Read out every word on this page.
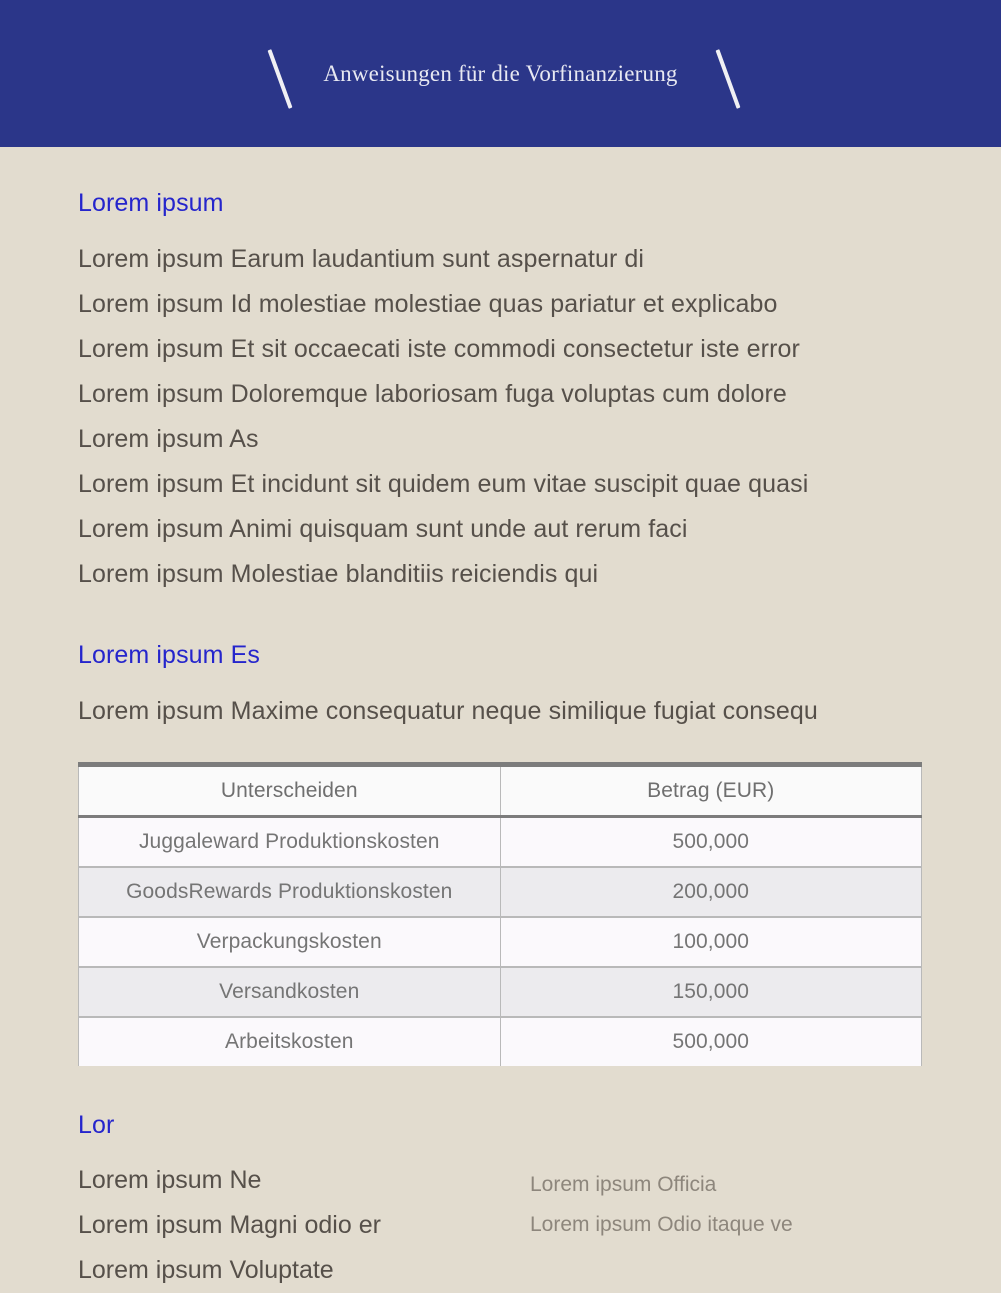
Anweisungen für die Vorfinanzierung
Lorem ipsum
Lorem ipsum Earum laudantium sunt aspernatur di
Lorem ipsum Id molestiae molestiae quas pariatur et explicabo
Lorem ipsum Et sit occaecati iste commodi consectetur iste error
Lorem ipsum Doloremque laboriosam fuga voluptas cum dolore
Lorem ipsum As
Lorem ipsum Et incidunt sit quidem eum vitae suscipit quae quasi
Lorem ipsum Animi quisquam sunt unde aut rerum faci
Lorem ipsum Molestiae blanditiis reiciendis qui
Lorem ipsum Es
Lorem ipsum Maxime consequatur neque similique fugiat consequ
Unterscheiden	Betrag (EUR)
Juggaleward Produktionskosten	500,000
GoodsRewards Produktionskosten	200,000
Verpackungskosten	100,000
Versandkosten	150,000
Arbeitskosten	500,000
Lor
Lorem ipsum Ne
Lorem ipsum Magni odio er
Lorem ipsum Voluptate
Lorem ipsum Officia
Lorem ipsum Odio itaque ve
